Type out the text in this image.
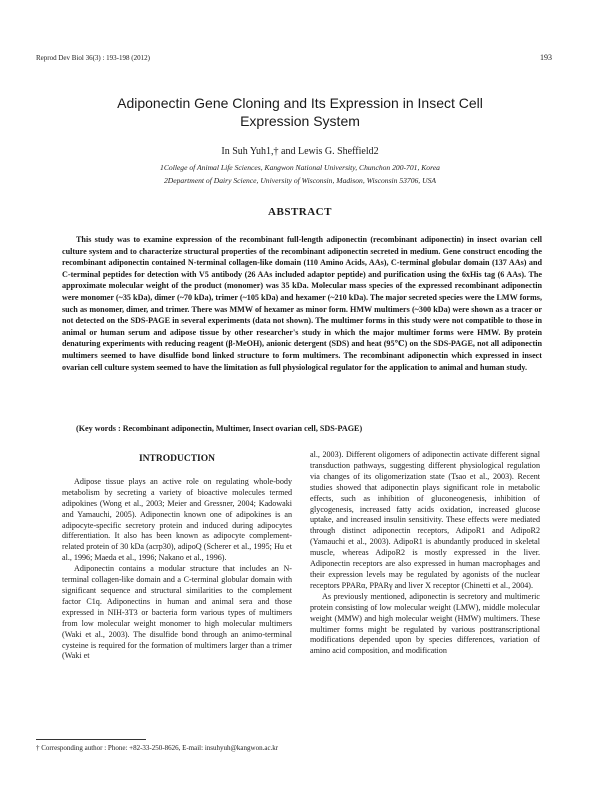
Reprod Dev Biol 36(3) : 193-198 (2012)	193
Adiponectin Gene Cloning and Its Expression in Insect Cell
Expression System
In Suh Yuh1,† and Lewis G. Sheffield2
1College of Animal Life Sciences, Kangwon National University, Chunchon 200-701, Korea
2Department of Dairy Science, University of Wisconsin, Madison, Wisconsin 53706, USA
ABSTRACT
This study was to examine expression of the recombinant full-length adiponectin (recombinant adiponectin) in insect ovarian cell culture system and to characterize structural properties of the recombinant adiponectin secreted in medium. Gene construct encoding the recombinant adiponectin contained N-terminal collagen-like domain (110 Amino Acids, AAs), C-terminal globular domain (137 AAs) and C-terminal peptides for detection with V5 antibody (26 AAs included adaptor peptide) and purification using the 6xHis tag (6 AAs). The approximate molecular weight of the product (monomer) was 35 kDa. Molecular mass species of the expressed recombinant adiponectin were monomer (~35 kDa), dimer (~70 kDa), trimer (~105 kDa) and hexamer (~210 kDa). The major secreted species were the LMW forms, such as monomer, dimer, and trimer. There was MMW of hexamer as minor form. HMW multimers (~300 kDa) were shown as a tracer or not detected on the SDS-PAGE in several experiments (data not shown). The multimer forms in this study were not compatible to those in animal or human serum and adipose tissue by other researcher's study in which the major multimer forms were HMW. By protein denaturing experiments with reducing reagent (β-MeOH), anionic detergent (SDS) and heat (95℃) on the SDS-PAGE, not all adiponectin multimers seemed to have disulfide bond linked structure to form multimers. The recombinant adiponectin which expressed in insect ovarian cell culture system seemed to have the limitation as full physiological regulator for the application to animal and human study.
(Key words : Recombinant adiponectin, Multimer, Insect ovarian cell, SDS-PAGE)
INTRODUCTION

Adipose tissue plays an active role on regulating whole-body metabolism by secreting a variety of bioactive molecules termed adipokines (Wong et al., 2003; Meier and Gressner, 2004; Kadowaki and Yamauchi, 2005). Adiponectin known one of adipokines is an adipocyte-specific secretory protein and induced during adipocytes differentiation. It also has been known as adipocyte complement-related protein of 30 kDa (acrp30), adipoQ (Scherer et al., 1995; Hu et al., 1996; Maeda et al., 1996; Nakano et al., 1996).

Adiponectin contains a modular structure that includes an N-terminal collagen-like domain and a C-terminal globular domain with significant sequence and structural similarities to the complement factor C1q. Adiponectins in human and animal sera and those expressed in NIH-3T3 or bacteria form various types of multimers from low molecular weight monomer to high molecular multimers (Waki et al., 2003). The disulfide bond through an animo-terminal cysteine is required for the formation of multimers larger than a trimer (Waki et

al., 2003). Different oligomers of adiponectin activate different signal transduction pathways, suggesting different physiological regulation via changes of its oligomerization state (Tsao et al., 2003). Recent studies showed that adiponectin plays significant role in metabolic effects, such as inhibition of gluconeogenesis, inhibition of glycogenesis, increased fatty acids oxidation, increased glucose uptake, and increased insulin sensitivity. These effects were mediated through distinct adiponectin receptors, AdipoR1 and AdipoR2 (Yamauchi et al., 2003). AdipoR1 is abundantly produced in skeletal muscle, whereas AdipoR2 is mostly expressed in the liver. Adiponectin receptors are also expressed in human macrophages and their expression levels may be regulated by agonists of the nuclear receptors PPARα, PPARγ and liver X receptor (Chinetti et al., 2004).

As previously mentioned, adiponectin is secretory and multimeric protein consisting of low molecular weight (LMW), middle molecular weight (MMW) and high molecular weight (HMW) multimers. These multimer forms might be regulated by various posttranscriptional modifications depended upon by species differences, variation of amino acid composition, and modification

† Corresponding author : Phone: +82-33-250-8626, E-mail: insuhyuh@kangwon.ac.kr
